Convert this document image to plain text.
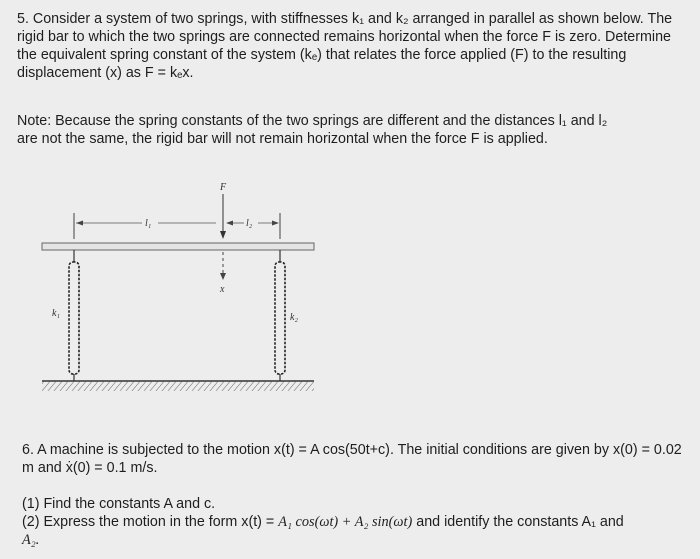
5. Consider a system of two springs, with stiffnesses k₁ and k₂ arranged in parallel as shown below. The
rigid bar to which the two springs are connected remains horizontal when the force F is zero. Determine
the equivalent spring constant of the system (kₑ) that relates the force applied (F) to the resulting
displacement (x) as F = kₑx.
Note: Because the spring constants of the two springs are different and the distances l₁ and l₂
are not the same, the rigid bar will not remain horizontal when the force F is applied.
l₁	l₂
F
x
k₁	k₂
6. A machine is subjected to the motion x(t) = A cos(50t+c). The initial conditions are given by x(0) = 0.02
m and ẋ(0) = 0.1 m/s.
(1) Find the constants A and c.
(2) Express the motion in the form x(t) = A₁ cos(ωt) + A₂ sin(ωt) and identify the constants A₁ and
A₂.
